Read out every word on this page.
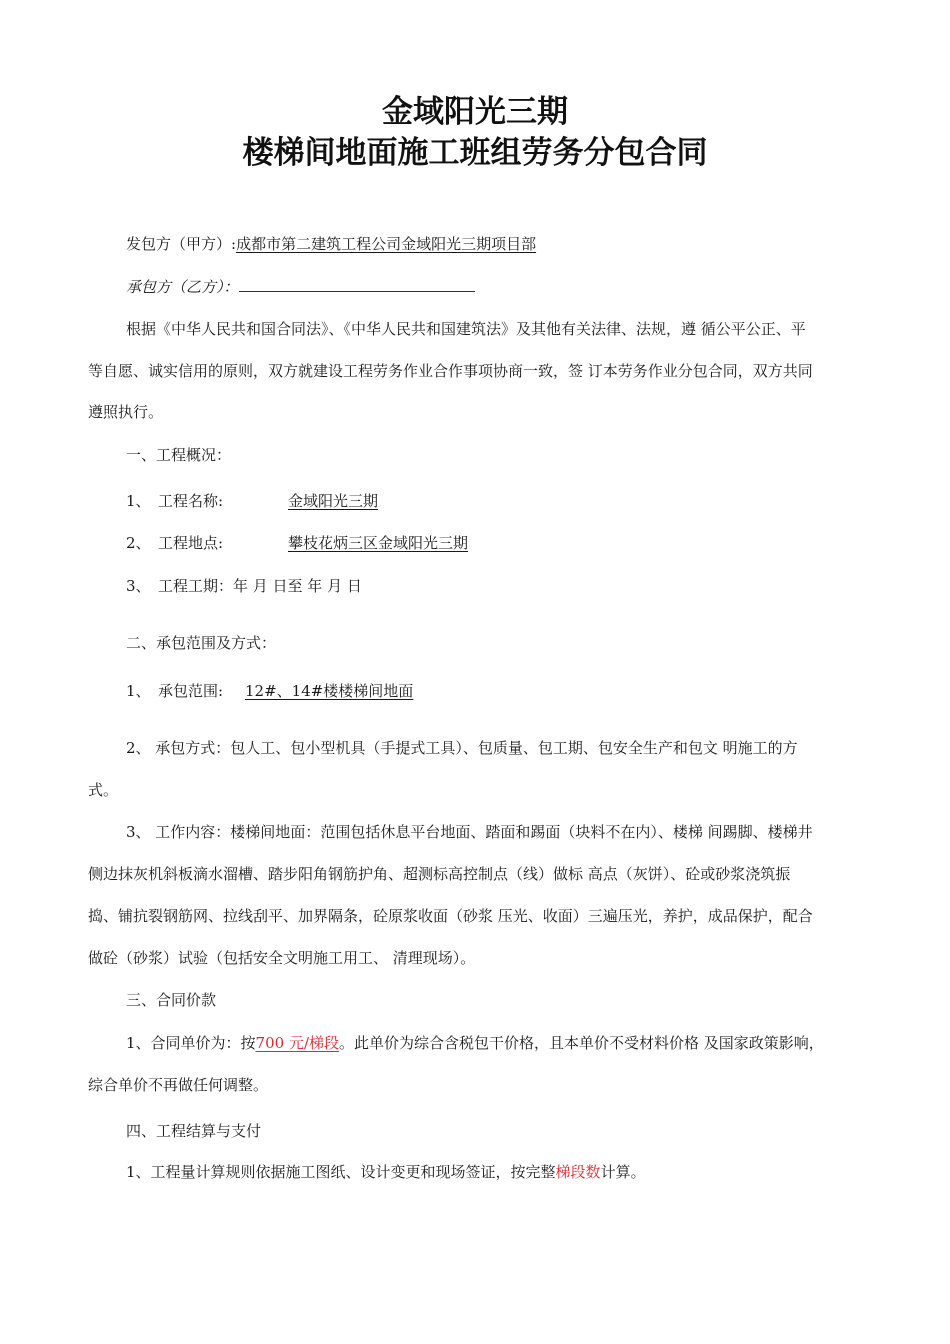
金域阳光三期
楼梯间地面施工班组劳务分包合同
发包方（甲方）:成都市第二建筑工程公司金域阳光三期项目部
承包方（乙方）：
根据《中华人民共和国合同法》、《中华人民共和国建筑法》及其他有关法律、法规，遵 循公平公正、平
等自愿、诚实信用的原则，双方就建设工程劳务作业合作事项协商一致，签 订本劳务作业分包合同，双方共同
遵照执行。
一、工程概况：
1、 工程名称:	金域阳光三期
2、 工程地点:	攀枝花炳三区金域阳光三期
3、 工程工期：年 月 日至 年 月 日
二、承包范围及方式：
1、 承包范围: 12#、14#楼楼梯间地面
2、 承包方式：包人工、包小型机具（手提式工具）、包质量、包工期、包安全生产和包文 明施工的方
式。
3、 工作内容：楼梯间地面：范围包括休息平台地面、踏面和踢面（块料不在内）、楼梯 间踢脚、楼梯井
侧边抹灰机斜板滴水溜槽、踏步阳角钢筋护角、超测标高控制点（线）做标 高点（灰饼）、砼或砂浆浇筑振
捣、铺抗裂钢筋网、拉线刮平、加界隔条，砼原浆收面（砂浆 压光、收面）三遍压光，养护，成品保护，配合
做砼（砂浆）试验（包括安全文明施工用工、 清理现场）。
三、合同价款
1、合同单价为：按700 元/梯段。此单价为综合含税包干价格，且本单价不受材料价格 及国家政策影响，
综合单价不再做任何调整。
四、工程结算与支付
1、工程量计算规则依据施工图纸、设计变更和现场签证，按完整梯段数计算。
